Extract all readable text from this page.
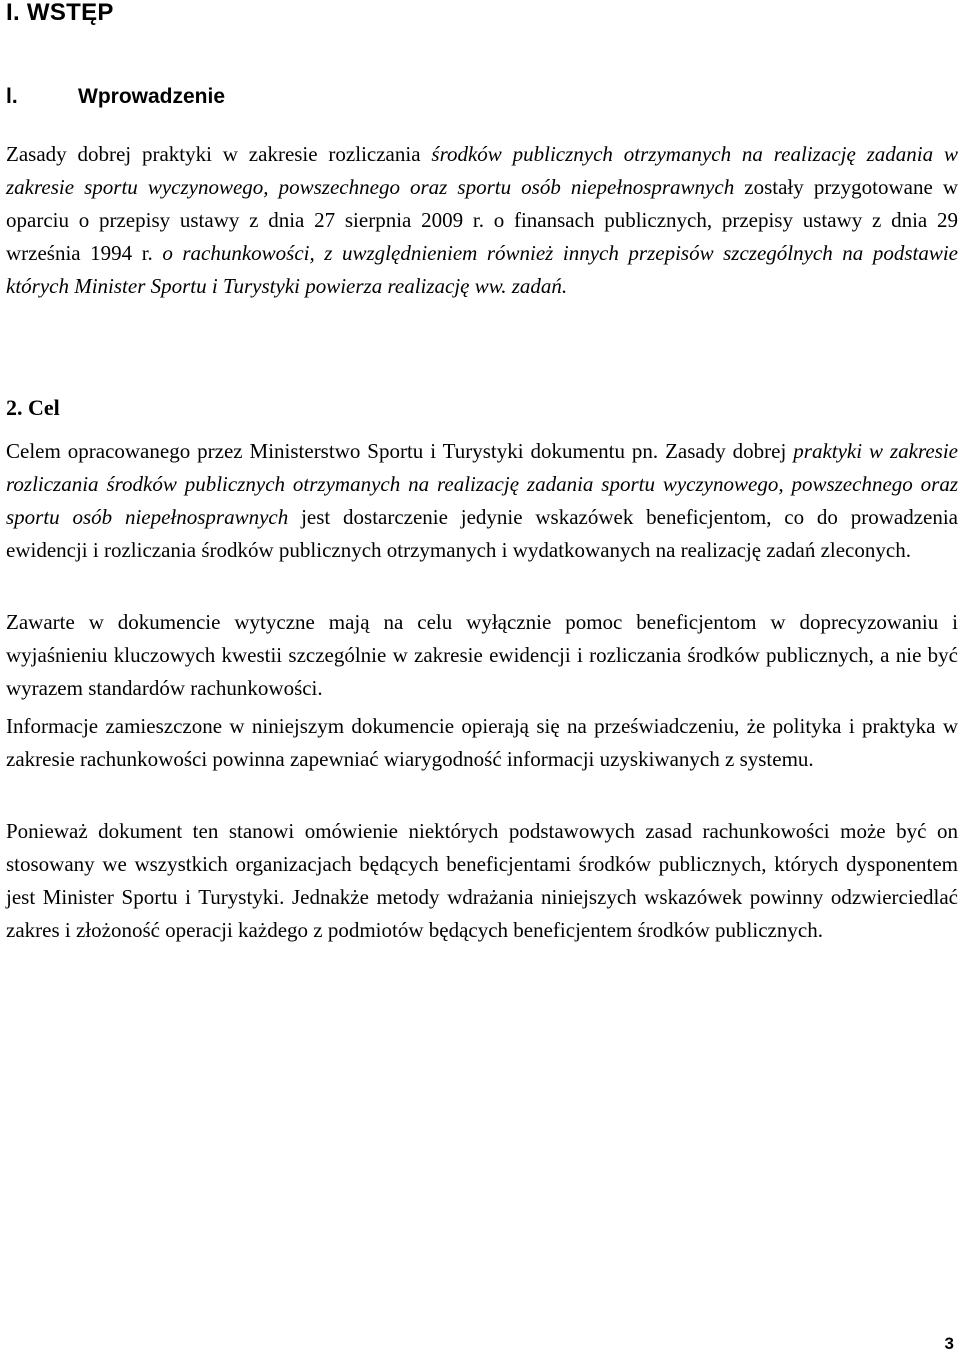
I. WSTĘP
l.	Wprowadzenie

Zasady dobrej praktyki w zakresie rozliczania środków publicznych otrzymanych na realizację zadania w zakresie sportu wyczynowego, powszechnego oraz sportu osób niepełnosprawnych zostały przygotowane w oparciu o przepisy ustawy z dnia 27 sierpnia 2009 r. o finansach publicznych, przepisy ustawy z dnia 29 września 1994 r. o rachunkowości, z uwzględnieniem również innych przepisów szczególnych na podstawie których Minister Sportu i Turystyki powierza realizację ww. zadań.

2. Cel

Celem opracowanego przez Ministerstwo Sportu i Turystyki dokumentu pn. Zasady dobrej praktyki w zakresie rozliczania środków publicznych otrzymanych na realizację zadania sportu wyczynowego, powszechnego oraz sportu osób niepełnosprawnych jest dostarczenie jedynie wskazówek beneficjentom, co do prowadzenia ewidencji i rozliczania środków publicznych otrzymanych i wydatkowanych na realizację zadań zleconych.

Zawarte w dokumencie wytyczne mają na celu wyłącznie pomoc beneficjentom w doprecyzowaniu i wyjaśnieniu kluczowych kwestii szczególnie w zakresie ewidencji i rozliczania środków publicznych, a nie być wyrazem standardów rachunkowości.

Informacje zamieszczone w niniejszym dokumencie opierają się na przeświadczeniu, że polityka i praktyka w zakresie rachunkowości powinna zapewniać wiarygodność informacji uzyskiwanych z systemu.

Ponieważ dokument ten stanowi omówienie niektórych podstawowych zasad rachunkowości może być on stosowany we wszystkich organizacjach będących beneficjentami środków publicznych, których dysponentem jest Minister Sportu i Turystyki. Jednakże metody wdrażania niniejszych wskazówek powinny odzwierciedlać zakres i złożoność operacji każdego z podmiotów będących beneficjentem środków publicznych.

3
